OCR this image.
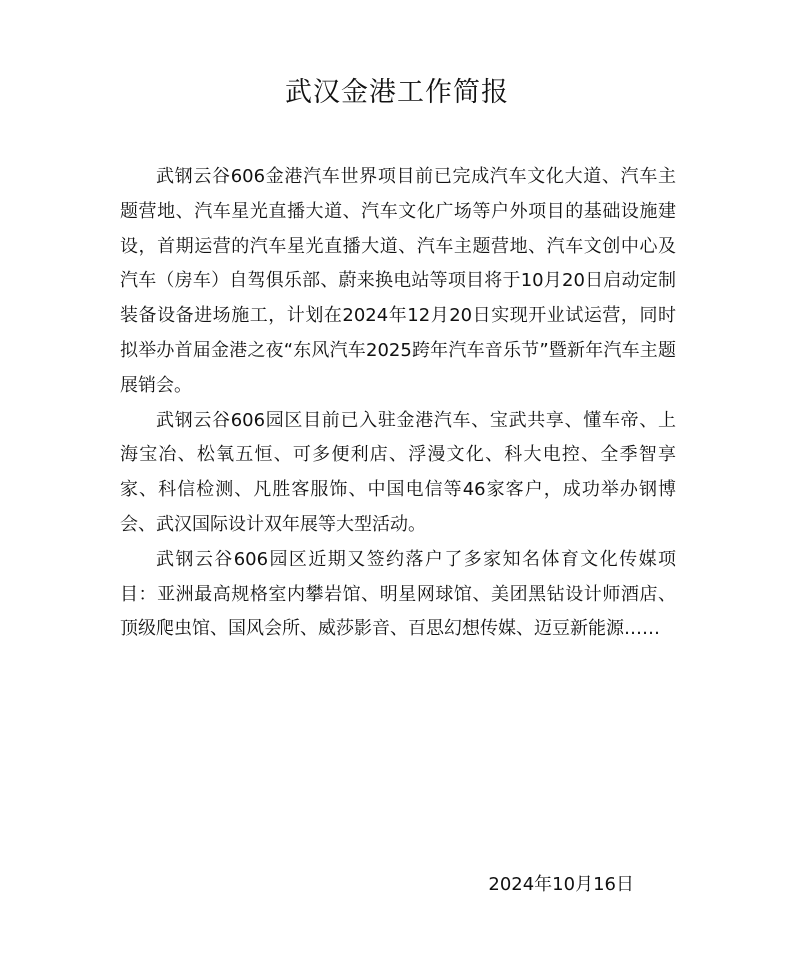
武汉金港工作简报

武钢云谷606金港汽车世界项目前已完成汽车文化大道、汽车主题营地、汽车星光直播大道、汽车文化广场等户外项目的基础设施建设，首期运营的汽车星光直播大道、汽车主题营地、汽车文创中心及汽车（房车）自驾俱乐部、蔚来换电站等项目将于10月20日启动定制装备设备进场施工，计划在2024年12月20日实现开业试运营，同时拟举办首届金港之夜“东风汽车2025跨年汽车音乐节”暨新年汽车主题展销会。

武钢云谷606园区目前已入驻金港汽车、宝武共享、懂车帝、上海宝冶、松氧五恒、可多便利店、浮漫文化、科大电控、全季智享家、科信检测、凡胜客服饰、中国电信等46家客户，成功举办钢博会、武汉国际设计双年展等大型活动。

武钢云谷606园区近期又签约落户了多家知名体育文化传媒项目：亚洲最高规格室内攀岩馆、明星网球馆、美团黑钻设计师酒店、顶级爬虫馆、国风会所、威莎影音、百思幻想传媒、迈豆新能源……

2024年10月16日
